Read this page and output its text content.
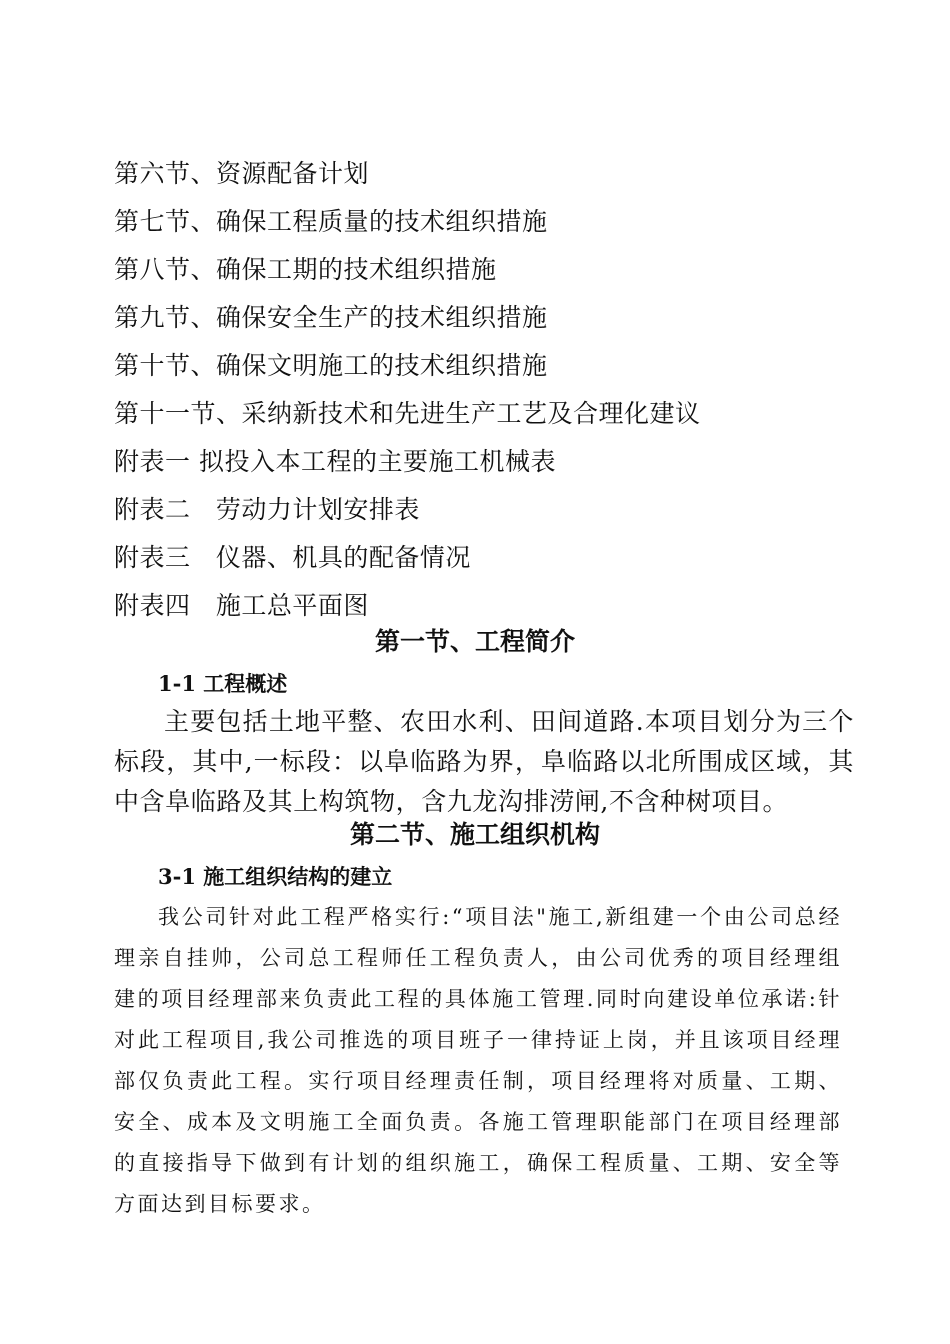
第六节、资源配备计划
第七节、确保工程质量的技术组织措施
第八节、确保工期的技术组织措施
第九节、确保安全生产的技术组织措施
第十节、确保文明施工的技术组织措施
第十一节、采纳新技术和先进生产工艺及合理化建议
附表一 拟投入本工程的主要施工机械表
附表二   劳动力计划安排表
附表三   仪器、机具的配备情况
附表四   施工总平面图
第一节、工程简介
1-1 工程概述

主要包括土地平整、农田水利、田间道路.本项目划分为三个标段，其中,一标段：以阜临路为界，阜临路以北所围成区域，其中含阜临路及其上构筑物，含九龙沟排涝闸,不含种树项目。

第二节、施工组织机构
3-1 施工组织结构的建立

我公司针对此工程严格实行:“项目法"施工,新组建一个由公司总经理亲自挂帅，公司总工程师任工程负责人，由公司优秀的项目经理组建的项目经理部来负责此工程的具体施工管理.同时向建设单位承诺:针对此工程项目,我公司推选的项目班子一律持证上岗，并且该项目经理部仅负责此工程。实行项目经理责任制，项目经理将对质量、工期、安全、成本及文明施工全面负责。各施工管理职能部门在项目经理部的直接指导下做到有计划的组织施工，确保工程质量、工期、安全等方面达到目标要求。
